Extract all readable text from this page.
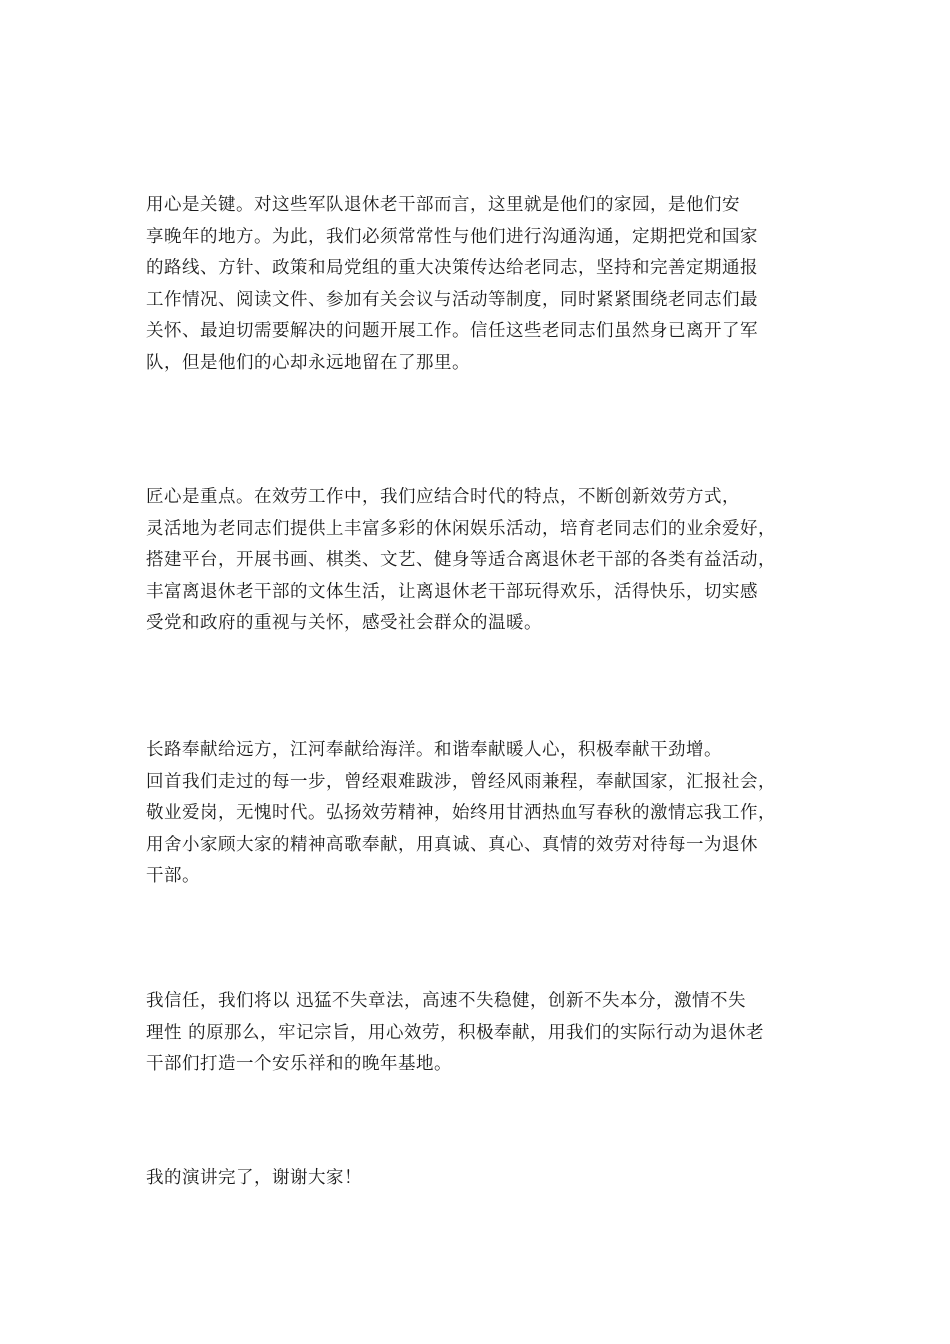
用心是关键。对这些军队退休老干部而言，这里就是他们的家园，是他们安
享晚年的地方。为此，我们必须常常性与他们进行沟通沟通，定期把党和国家
的路线、方针、政策和局党组的重大决策传达给老同志，坚持和完善定期通报
工作情况、阅读文件、参加有关会议与活动等制度，同时紧紧围绕老同志们最
关怀、最迫切需要解决的问题开展工作。信任这些老同志们虽然身已离开了军
队，但是他们的心却永远地留在了那里。
匠心是重点。在效劳工作中，我们应结合时代的特点，不断创新效劳方式，
灵活地为老同志们提供上丰富多彩的休闲娱乐活动，培育老同志们的业余爱好，
搭建平台，开展书画、棋类、文艺、健身等适合离退休老干部的各类有益活动，
丰富离退休老干部的文体生活，让离退休老干部玩得欢乐，活得快乐，切实感
受党和政府的重视与关怀，感受社会群众的温暖。
长路奉献给远方，江河奉献给海洋。和谐奉献暖人心，积极奉献干劲增。
回首我们走过的每一步，曾经艰难跋涉，曾经风雨兼程，奉献国家，汇报社会，
敬业爱岗，无愧时代。弘扬效劳精神，始终用甘洒热血写春秋的激情忘我工作，
用舍小家顾大家的精神高歌奉献，用真诚、真心、真情的效劳对待每一为退休
干部。
我信任，我们将以 迅猛不失章法，高速不失稳健，创新不失本分，激情不失
理性 的原那么，牢记宗旨，用心效劳，积极奉献，用我们的实际行动为退休老
干部们打造一个安乐祥和的晚年基地。
我的演讲完了，谢谢大家！
